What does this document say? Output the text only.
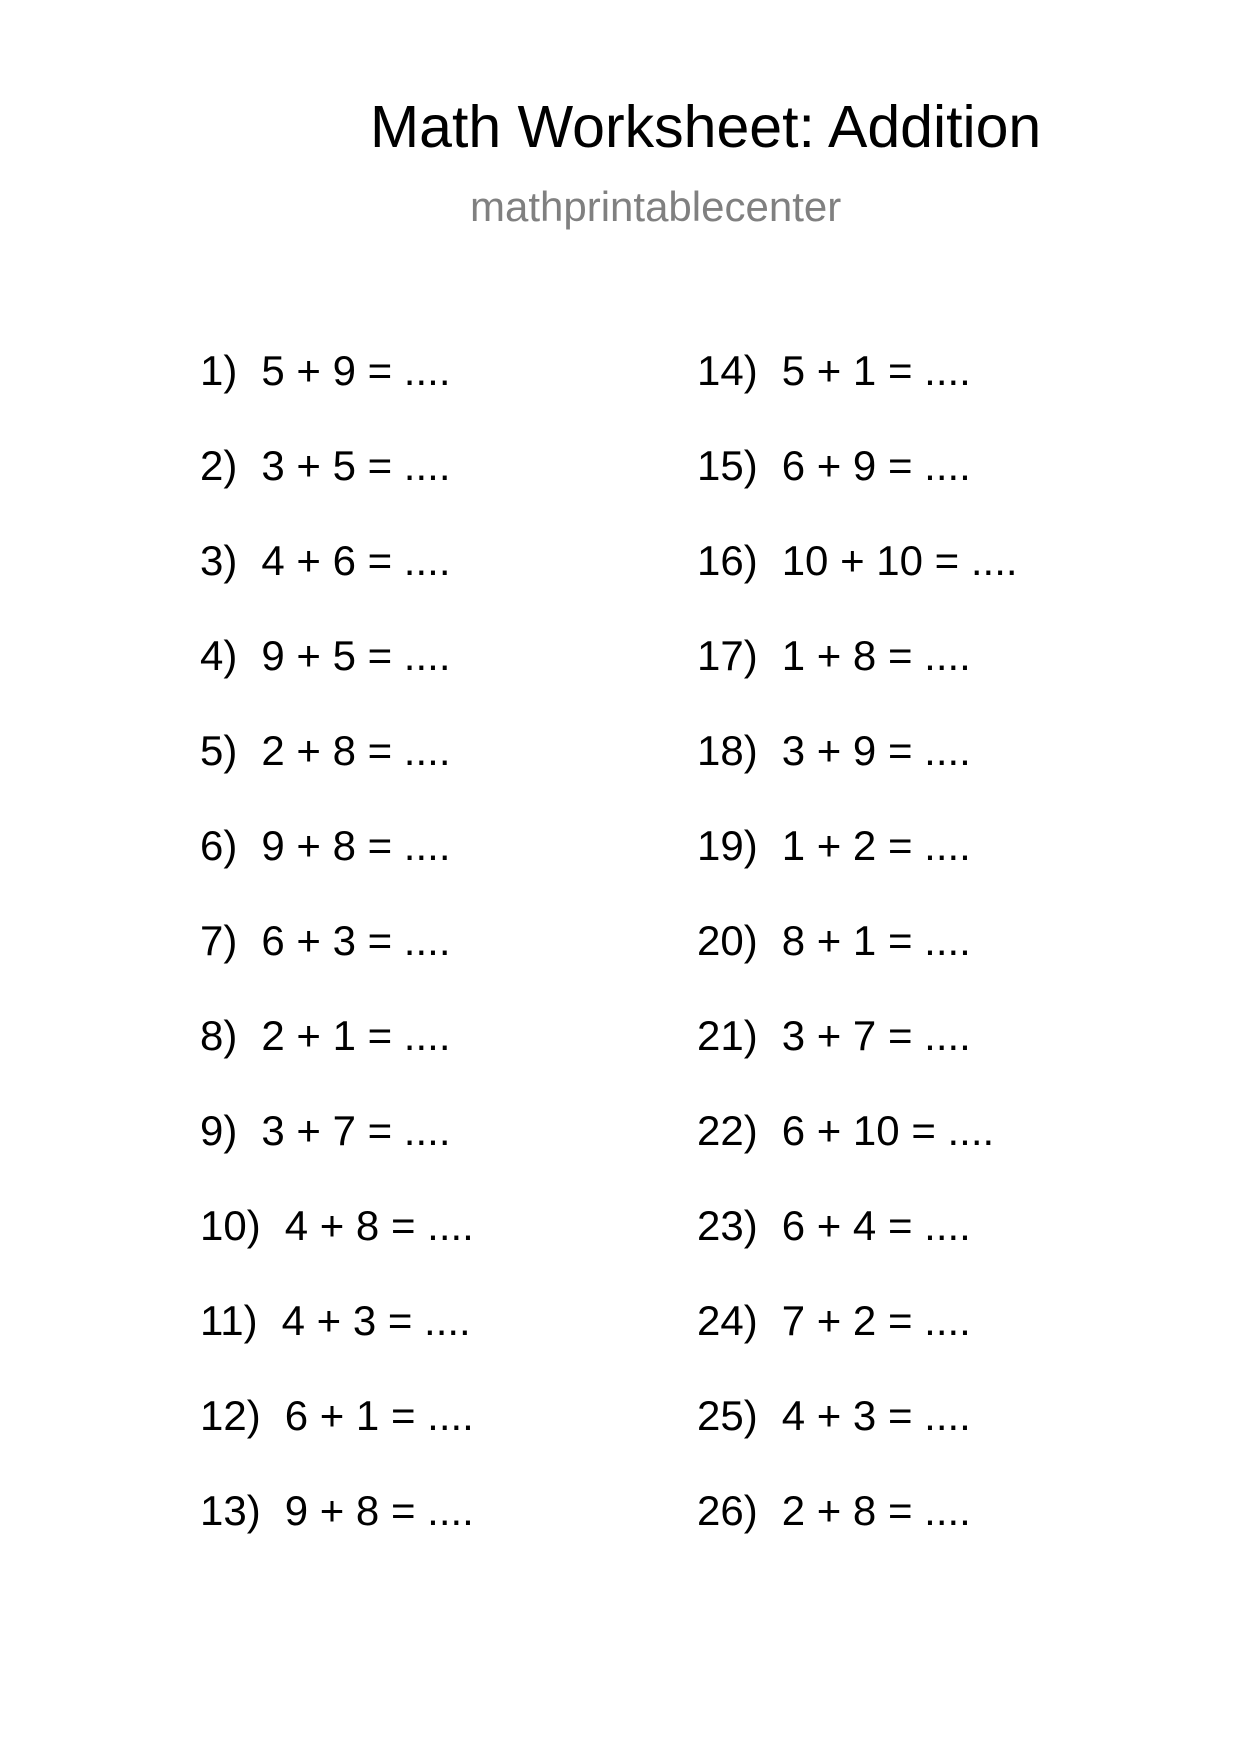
Math Worksheet: Addition

mathprintablecenter

1) 5 + 9 = ....
2) 3 + 5 = ....
3) 4 + 6 = ....
4) 9 + 5 = ....
5) 2 + 8 = ....
6) 9 + 8 = ....
7) 6 + 3 = ....
8) 2 + 1 = ....
9) 3 + 7 = ....
10) 4 + 8 = ....
11) 4 + 3 = ....
12) 6 + 1 = ....
13) 9 + 8 = ....
14) 5 + 1 = ....
15) 6 + 9 = ....
16) 10 + 10 = ....
17) 1 + 8 = ....
18) 3 + 9 = ....
19) 1 + 2 = ....
20) 8 + 1 = ....
21) 3 + 7 = ....
22) 6 + 10 = ....
23) 6 + 4 = ....
24) 7 + 2 = ....
25) 4 + 3 = ....
26) 2 + 8 = ....
